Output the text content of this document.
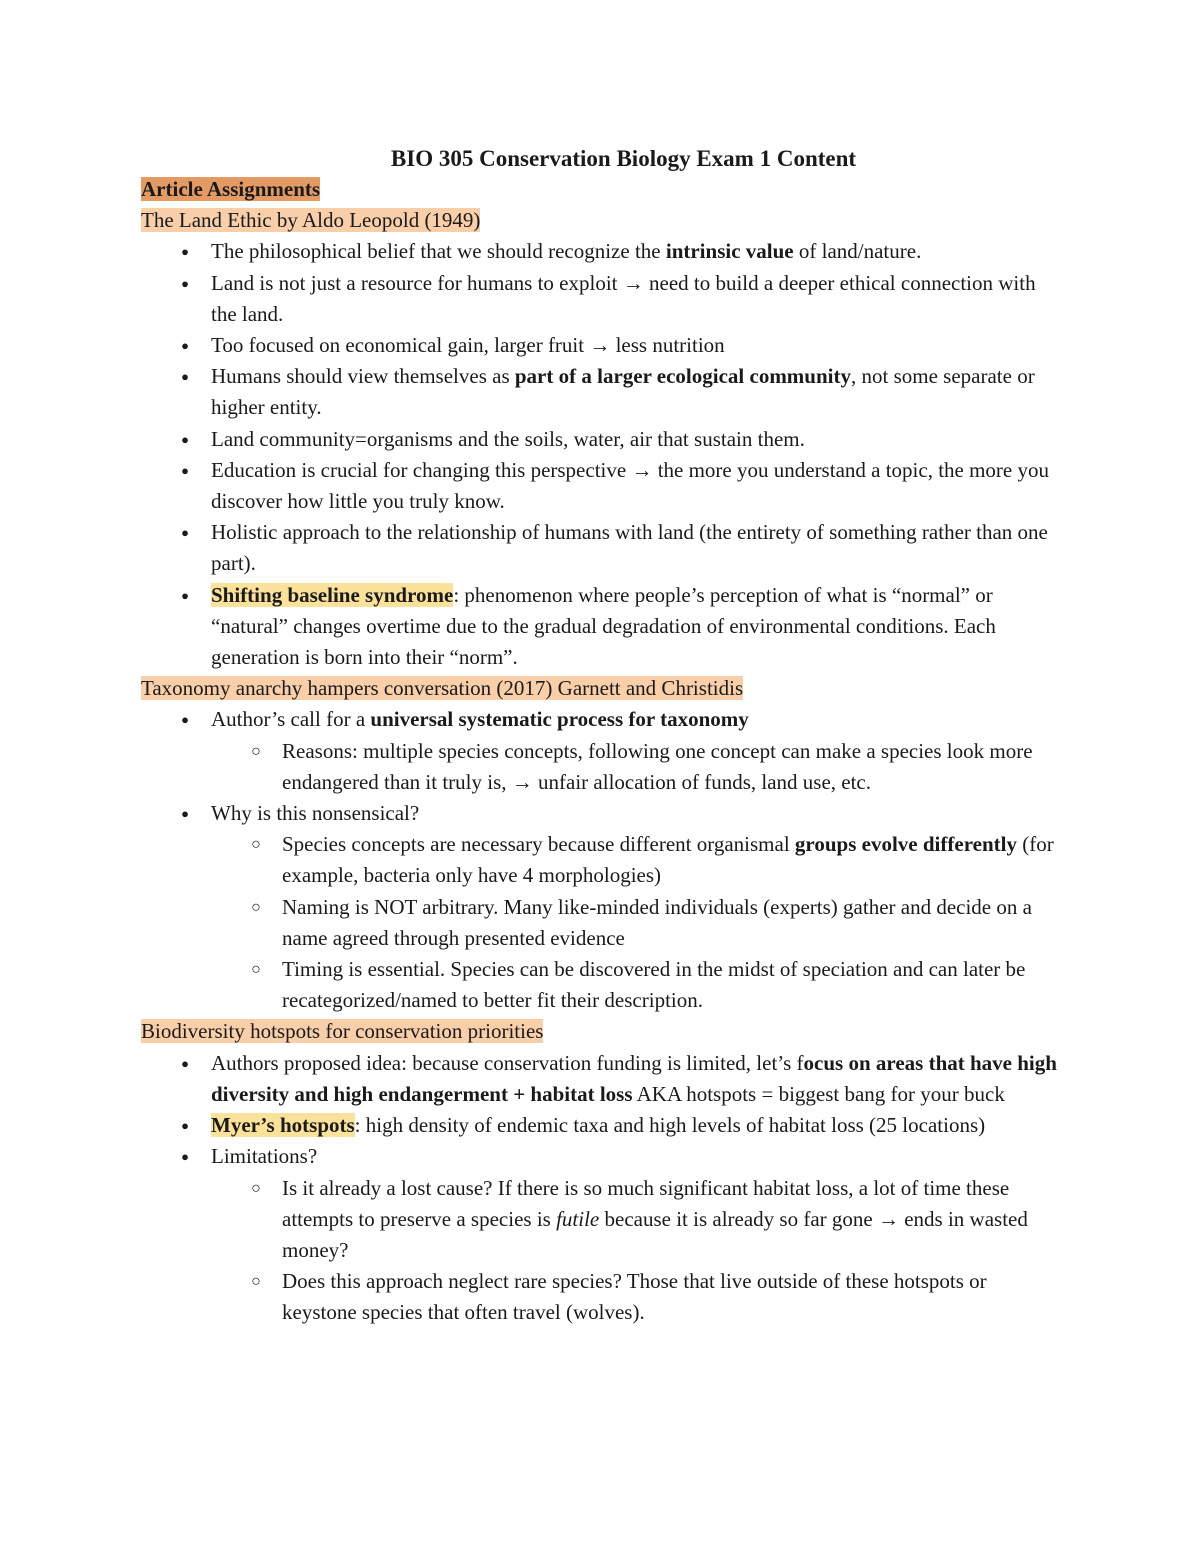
BIO 305 Conservation Biology Exam 1 Content

Article Assignments

The Land Ethic by Aldo Leopold (1949)

● The philosophical belief that we should recognize the intrinsic value of land/nature.
● Land is not just a resource for humans to exploit → need to build a deeper ethical connection with the land.
● Too focused on economical gain, larger fruit → less nutrition
● Humans should view themselves as part of a larger ecological community, not some separate or higher entity.
● Land community=organisms and the soils, water, air that sustain them.
● Education is crucial for changing this perspective → the more you understand a topic, the more you discover how little you truly know.
● Holistic approach to the relationship of humans with land (the entirety of something rather than one part).
● Shifting baseline syndrome: phenomenon where people’s perception of what is “normal” or “natural” changes overtime due to the gradual degradation of environmental conditions. Each generation is born into their “norm”.

Taxonomy anarchy hampers conversation (2017) Garnett and Christidis

● Author’s call for a universal systematic process for taxonomy
○ Reasons: multiple species concepts, following one concept can make a species look more endangered than it truly is, → unfair allocation of funds, land use, etc.
● Why is this nonsensical?
○ Species concepts are necessary because different organismal groups evolve differently (for example, bacteria only have 4 morphologies)
○ Naming is NOT arbitrary. Many like-minded individuals (experts) gather and decide on a name agreed through presented evidence
○ Timing is essential. Species can be discovered in the midst of speciation and can later be recategorized/named to better fit their description.

Biodiversity hotspots for conservation priorities

● Authors proposed idea: because conservation funding is limited, let’s focus on areas that have high diversity and high endangerment + habitat loss AKA hotspots = biggest bang for your buck
● Myer’s hotspots: high density of endemic taxa and high levels of habitat loss (25 locations)
● Limitations?
○ Is it already a lost cause? If there is so much significant habitat loss, a lot of time these attempts to preserve a species is futile because it is already so far gone → ends in wasted money?
○ Does this approach neglect rare species? Those that live outside of these hotspots or keystone species that often travel (wolves).
